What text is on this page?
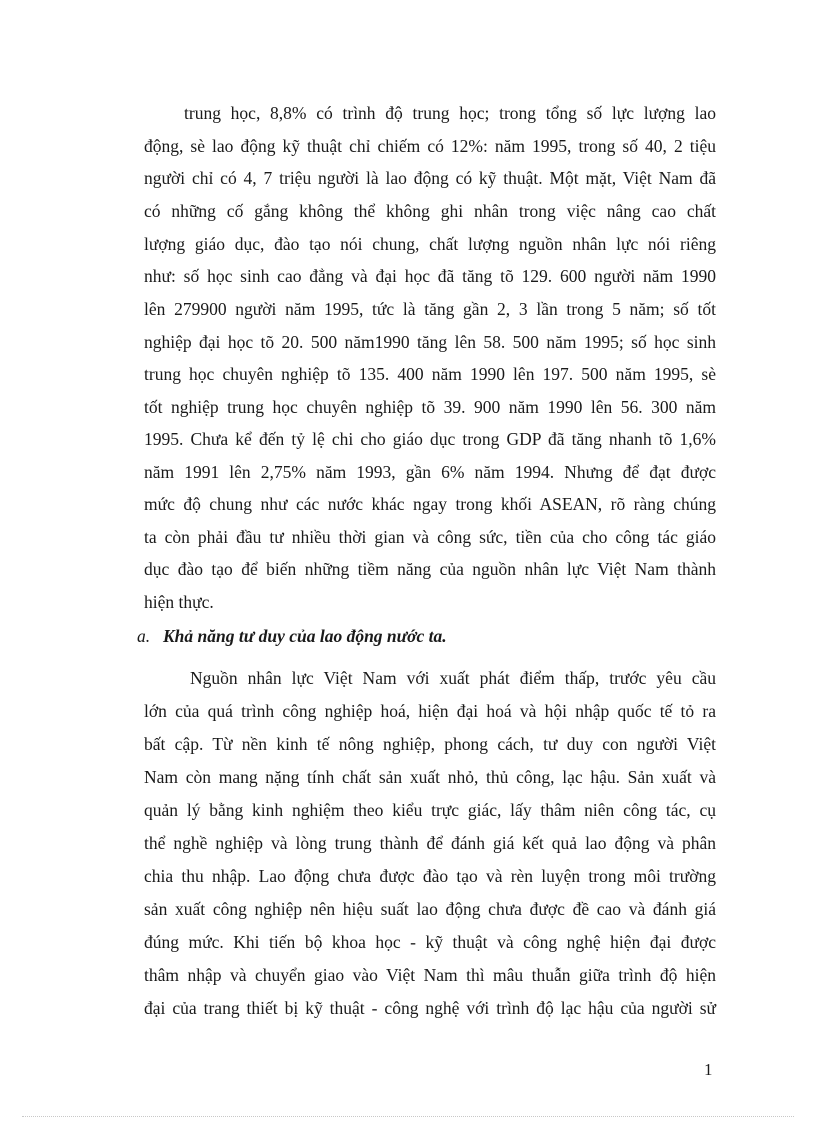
trung học, 8,8% có trình độ trung học; trong tổng số lực lượng lao
động, sè lao động kỹ thuật chỉ chiếm có 12%: năm 1995, trong số 40, 2 tiệu
người chỉ có 4, 7 triệu người là lao động có kỹ thuật. Một mặt, Việt Nam đã
có những cố gắng không thể không ghi nhân trong việc nâng cao chất
lượng giáo dục, đào tạo nói chung, chất lượng nguồn nhân lực nói riêng
như: số học sinh cao đẳng và đại học đã tăng tõ 129. 600 người năm 1990
lên 279900 người năm 1995, tức là tăng gần 2, 3 lần trong 5 năm; số tốt
nghiệp đại học tõ 20. 500 năm1990 tăng lên 58. 500 năm 1995; số học sinh
trung học chuyên nghiệp tõ 135. 400 năm 1990 lên 197. 500 năm 1995, sè
tốt nghiệp trung học chuyên nghiệp tõ 39. 900 năm 1990 lên 56. 300 năm
1995. Chưa kể đến tỷ lệ chi cho giáo dục trong GDP đã tăng nhanh tõ 1,6%
năm 1991 lên 2,75% năm 1993, gần 6% năm 1994. Nhưng để đạt được
mức độ chung như các nước khác ngay trong khối ASEAN, rõ ràng chúng
ta còn phải đầu tư nhiều thời gian và công sức, tiền của cho công tác giáo
dục đào tạo để biến những tiềm năng của nguồn nhân lực Việt Nam thành
hiện thực.
a. Khả năng tư duy của lao động nước ta.
Nguồn nhân lực Việt Nam với xuất phát điểm thấp, trước yêu cầu
lớn của quá trình công nghiệp hoá, hiện đại hoá và hội nhập quốc tế tỏ ra
bất cập. Từ nền kinh tế nông nghiệp, phong cách, tư duy con người Việt
Nam còn mang nặng tính chất sản xuất nhỏ, thủ công, lạc hậu. Sản xuất và
quản lý bằng kinh nghiệm theo kiểu trực giác, lấy thâm niên công tác, cụ
thể nghề nghiệp và lòng trung thành để đánh giá kết quả lao động và phân
chia thu nhập. Lao động chưa được đào tạo và rèn luyện trong môi trường
sản xuất công nghiệp nên hiệu suất lao động chưa được đề cao và đánh giá
đúng mức. Khi tiến bộ khoa học - kỹ thuật và công nghệ hiện đại được
thâm nhập và chuyển giao vào Việt Nam thì mâu thuẫn giữa trình độ hiện
đại của trang thiết bị kỹ thuật - công nghệ với trình độ lạc hậu của người sử
1
